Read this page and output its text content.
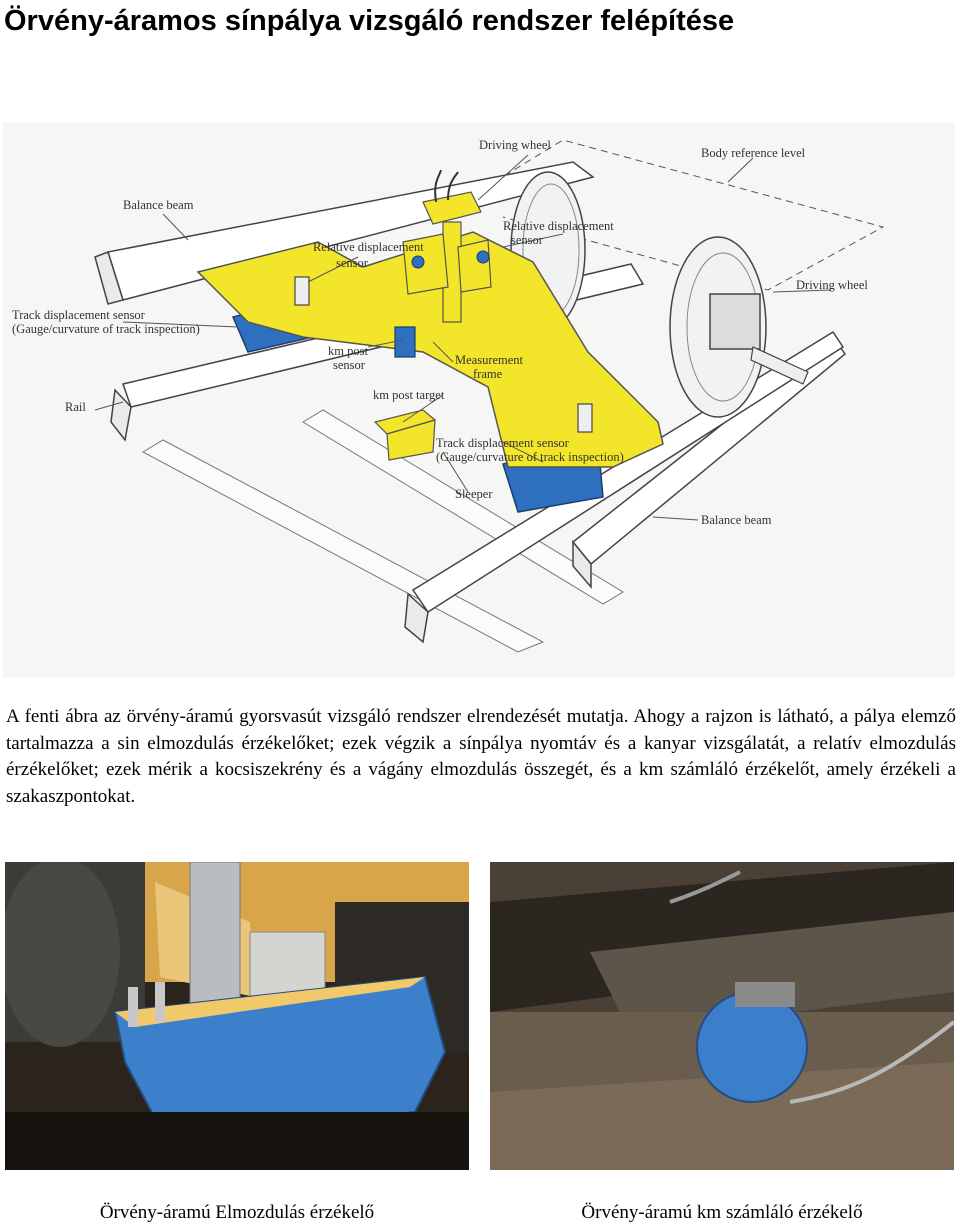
Örvény-áramos sínpálya vizsgáló rendszer felépítése
Driving wheel
Body reference level
Balance beam
Relative displacement
sensor
Relative displacement
sensor
Driving wheel
Track displacement sensor
(Gauge/curvature of track inspection)
km post
sensor	Measurement
frame
Rail
km post target
Track displacement sensor
(Gauge/curvature of track inspection)
Sleeper
Balance beam

A fenti ábra az örvény-áramú gyorsvasút vizsgáló rendszer elrendezését mutatja. Ahogy a rajzon is látható, a pálya elemző tartalmazza a sin elmozdulás érzékelőket; ezek végzik a sínpálya nyomtáv és a kanyar vizsgálatát, a relatív elmozdulás érzékelőket; ezek mérik a kocsiszekrény és a vágány elmozdulás összegét, és a km számláló érzékelőt, amely érzékeli a szakaszpontokat.

Örvény-áramú Elmozdulás érzékelő	Örvény-áramú km számláló érzékelő
